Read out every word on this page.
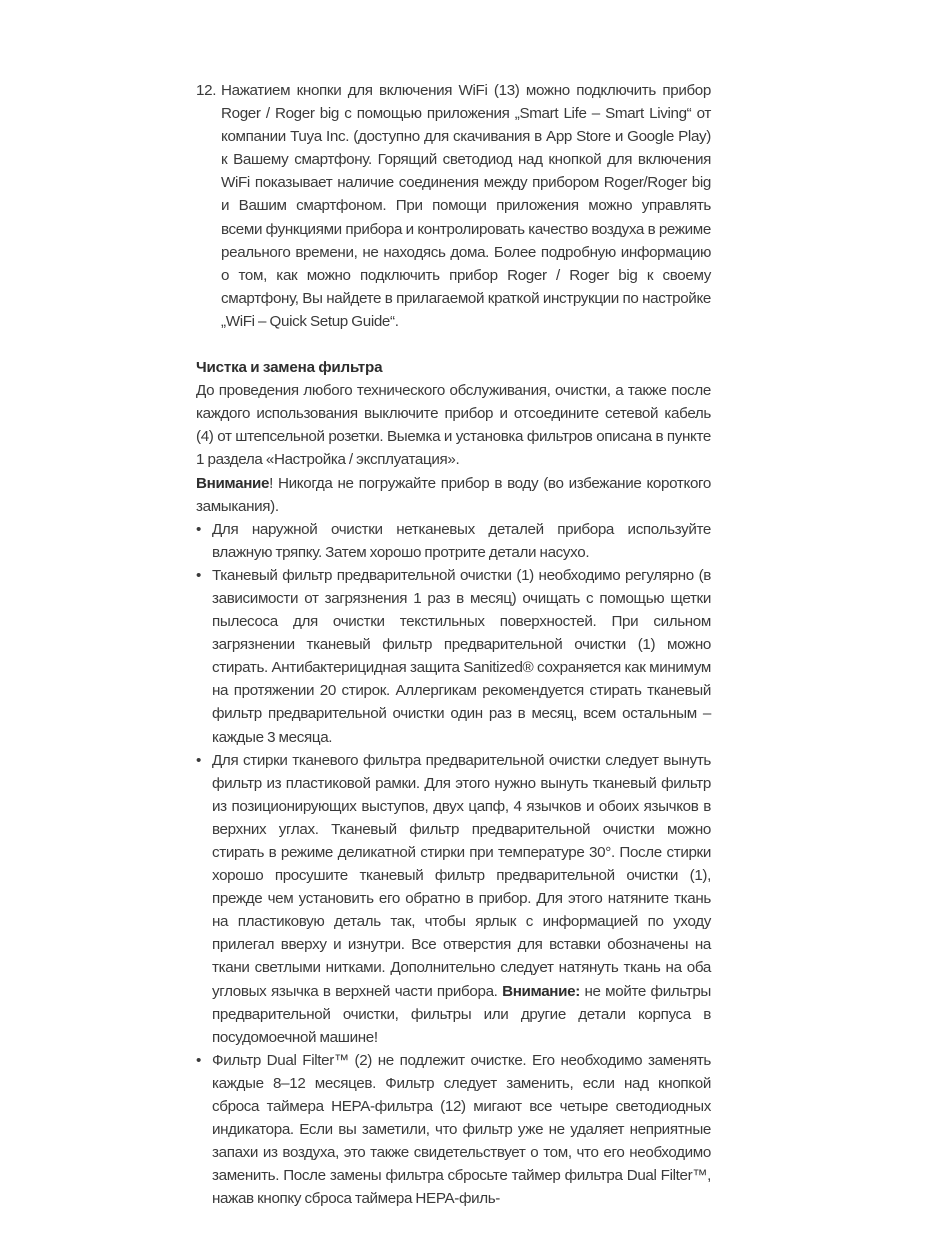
12. Нажатием кнопки для включения WiFi (13) можно подключить прибор Roger / Roger big с помощью приложения „Smart Life – Smart Living“ от компании Tuya Inc. (доступно для скачивания в App Store и Google Play) к Вашему смартфону. Горящий светодиод над кнопкой для включения WiFi показывает наличие соединения между прибором Roger/Roger big и Вашим смартфоном. При помощи приложения можно управлять всеми функциями прибора и контролировать качество воздуха в режиме реального времени, не находясь дома. Более подробную информацию о том, как можно подключить прибор Roger / Roger big к своему смартфону, Вы найдете в прилагаемой краткой инструкции по настройке „WiFi – Quick Setup Guide“.
Чистка и замена фильтра
До проведения любого технического обслуживания, очистки, а также после каждого использования выключите прибор и отсоедините сетевой кабель (4) от штепсельной розетки. Выемка и установка фильтров описана в пункте 1 раздела «Настройка / эксплуатация».
Внимание! Никогда не погружайте прибор в воду (во избежание короткого замыкания).
• Для наружной очистки нетканевых деталей прибора используйте влажную тряпку. Затем хорошо протрите детали насухо.
• Тканевый фильтр предварительной очистки (1) необходимо регулярно (в зависимости от загрязнения 1 раз в месяц) очищать с помощью щетки пылесоса для очистки текстильных поверхностей. При сильном загрязнении тканевый фильтр предварительной очистки (1) можно стирать. Антибактерицидная защита Sanitized® сохраняется как минимум на протяжении 20 стирок. Аллергикам рекомендуется стирать тканевый фильтр предварительной очистки один раз в месяц, всем остальным – каждые 3 месяца.
• Для стирки тканевого фильтра предварительной очистки следует вынуть фильтр из пластиковой рамки. Для этого нужно вынуть тканевый фильтр из позиционирующих выступов, двух цапф, 4 язычков и обоих язычков в верхних углах. Тканевый фильтр предварительной очистки можно стирать в режиме деликатной стирки при температуре 30°. После стирки хорошо просушите тканевый фильтр предварительной очистки (1), прежде чем установить его обратно в прибор. Для этого натяните ткань на пластиковую деталь так, чтобы ярлык с информацией по уходу прилегал вверху и изнутри. Все отверстия для вставки обозначены на ткани светлыми нитками. Дополнительно следует натянуть ткань на оба угловых язычка в верхней части прибора. Внимание: не мойте фильтры предварительной очистки, фильтры или другие детали корпуса в посудомоечной машине!
• Фильтр Dual Filter™ (2) не подлежит очистке. Его необходимо заменять каждые 8–12 месяцев. Фильтр следует заменить, если над кнопкой сброса таймера HEPA-фильтра (12) мигают все четыре светодиодных индикатора. Если вы заметили, что фильтр уже не удаляет неприятные запахи из воздуха, это также свидетельствует о том, что его необходимо заменить. После замены фильтра сбросьте таймер фильтра Dual Filter™, нажав кнопку сброса таймера HEPA-филь-
